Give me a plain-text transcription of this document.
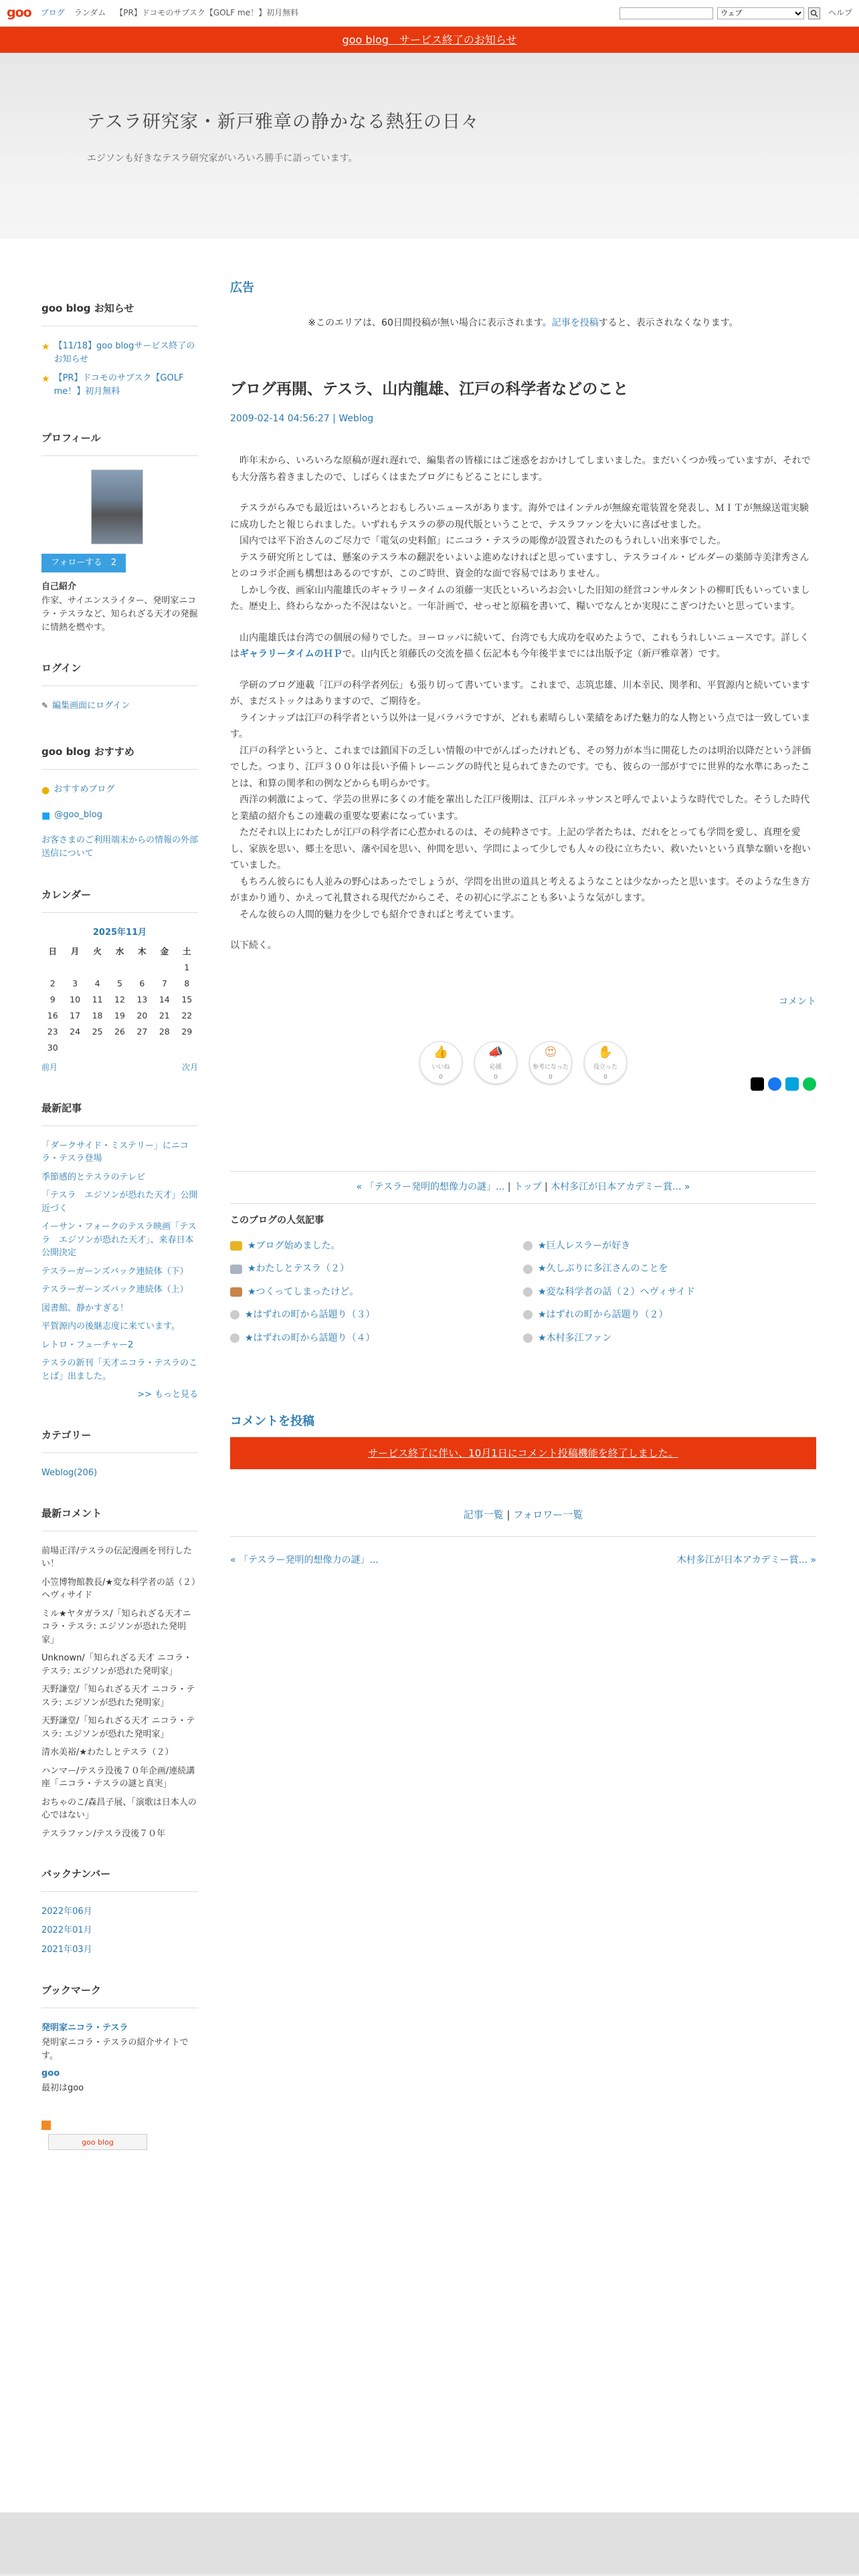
goo ブログ ランダム 【PR】ドコモのサブスク【GOLF me！】初月無料
ウェブ	ヘルプ
goo blog　サービス終了のお知らせ
テスラ研究家・新戸雅章の静かなる熱狂の日々
エジソンも好きなテスラ研究家がいろいろ勝手に語っています。
goo blog お知らせ
★ 【11/18】goo blogサービス終了のお知らせ
★ 【PR】ドコモのサブスク【GOLF me！】初月無料
プロフィール
フォローする　2
自己紹介
作家、サイエンスライター、発明家ニコラ・テスラなど、知られざる天才の発掘に情熱を燃やす。
ログイン
✎ 編集画面にログイン
goo blog おすすめ
● おすすめブログ
■ @goo_blog
お客さまのご利用端末からの情報の外部送信について
カレンダー
2025年11月
日	月	火	水	木	金	土
						1
2	3	4	5	6	7	8
9	10	11	12	13	14	15
16	17	18	19	20	21	22
23	24	25	26	27	28	29
30						
前月	次月
最新記事
「ダークサイド・ミステリー」にニコラ・テスラ登場
季節感的とテスラのテレビ
「テスラ　エジソンが恐れた天才」公開近づく
イーサン・フォークのテスラ映画「テスラ　エジソンが恐れた天才」、来春日本公開決定
テスラーガーンズバック連続体（下）
テスラーガーンズバック連続体（上）
図書館、静かすぎる！
平賀源内の後継志度に来ています。
レトロ・フューチャー2
テスラの新刊「天才ニコラ・テスラのことば」出ました。
>> もっと見る
カテゴリー
Weblog(206)
最新コメント
前場正洋/テスラの伝記漫画を刊行したい！
小笠博物館教長/★変な科学者の話（２）ヘヴィサイド
ミル★ヤタガラス/「知られざる天才ニコラ・テスラ: エジソンが恐れた発明家」
Unknown/「知られざる天才 ニコラ・テスラ: エジソンが恐れた発明家」
天野謙堂/「知られざる天才 ニコラ・テスラ: エジソンが恐れた発明家」
天野謙堂/「知られざる天才 ニコラ・テスラ: エジソンが恐れた発明家」
清水美裕/★わたしとテスラ（２）
ハンマー/テスラ没後７０年企画/連続講座「ニコラ・テスラの謎と真実」
おちゃのこ/森昌子展、「演歌は日本人の心ではない」
テスラファン/テスラ没後７０年
バックナンバー
2022年06月
2022年01月
2021年03月
ブックマーク
発明家ニコラ・テスラ
発明家ニコラ・テスラの紹介サイトです。
goo
最初はgoo
goo blog
広告
※このエリアは、60日間投稿が無い場合に表示されます。記事を投稿すると、表示されなくなります。
ブログ再開、テスラ、山内龍雄、江戸の科学者などのこと
2009-02-14 04:56:27 | Weblog

　昨年末から、いろいろな原稿が遅れ遅れで、編集者の皆様にはご迷惑をおかけしてしまいました。まだいくつか残っていますが、それでも大分落ち着きましたので、しばらくはまたブログにもどることにします。

　テスラがらみでも最近はいろいろとおもしろいニュースがあります。海外ではインテルが無線充電装置を発表し、ＭＩＴが無線送電実験に成功したと報じられました。いずれもテスラの夢の現代版ということで、テスラファンを大いに喜ばせました。

　国内では平下治さんのご尽力で「電気の史料館」にニコラ・テスラの彫像が設置されたのもうれしい出来事でした。

　テスラ研究所としては、懸案のテスラ本の翻訳をいよいよ進めなければと思っていますし、テスラコイル・ビルダーの薬師寺美津秀さんとのコラボ企画も構想はあるのですが、このご時世、資金的な面で容易ではありません。

　しかし今夜、画家山内龍雄氏のギャラリータイムの須藤一実氏といろいろお会いした旧知の経営コンサルタントの柳町氏もいっていました。歴史上、終わらなかった不況はないと。一年計画で、せっせと原稿を書いて、糧いでなんとか実現にこぎつけたいと思っています。

　山内龍雄氏は台湾での個展の帰りでした。ヨーロッパに続いて、台湾でも大成功を収めたようで、これもうれしいニュースです。詳しくはギャラリータイムのＨＰで。山内氏と須藤氏の交流を描く伝記本も今年後半までには出版予定（新戸雅章著）です。

　学研のブログ連載「江戸の科学者列伝」も張り切って書いています。これまで、志筑忠雄、川本幸民、関孝和、平賀源内と続いていますが、まだストックはありますので、ご期待を。

　ラインナップは江戸の科学者という以外は一見バラバラですが、どれも素晴らしい業績をあげた魅力的な人物という点では一致しています。

　江戸の科学というと、これまでは鎖国下の乏しい情報の中でがんばったけれども、その努力が本当に開花したのは明治以降だという評価でした。つまり、江戸３００年は長い予備トレーニングの時代と見られてきたのです。でも、彼らの一部がすでに世界的な水準にあったことは、和算の関孝和の例などからも明らかです。

　西洋の刺激によって、学芸の世界に多くの才能を輩出した江戸後期は、江戸ルネッサンスと呼んでよいような時代でした。そうした時代と業績の紹介もこの連載の重要な要素になっています。

　ただそれ以上にわたしが江戸の科学者に心惹かれるのは、その純粋さです。上記の学者たちは、だれをとっても学問を愛し、真理を愛し、家族を思い、郷土を思い、藩や国を思い、仲間を思い、学問によって少しでも人々の役に立ちたい、救いたいという真摯な願いを抱いていました。

　もちろん彼らにも人並みの野心はあったでしょうが、学問を出世の道具と考えるようなことは少なかったと思います。そのような生き方がまかり通り、かえって礼賛される現代だからこそ、その初心に学ぶことも多いような気がします。

　そんな彼らの人間的魅力を少しでも紹介できればと考えています。

以下続く。

コメント
👍
いいね
0
📣
応援
0
😍
参考になった
0
✋
役立った
0
« 「テスラー発明的想像力の謎」... | トップ | 木村多江が日本アカデミー賞... »
このブログの人気記事
★ブログ始めました。	★巨人レスラーが好き
★わたしとテスラ（２）	★久しぶりに多江さんのことを
★つくってしまったけど。	★変な科学者の話（２）ヘヴィサイド
★はずれの町から話題り（３）	★はずれの町から話題り（２）
★はずれの町から話題り（４）	★木村多江ファン
コメントを投稿
サービス終了に伴い、10月1日にコメント投稿機能を終了しました。
記事一覧 | フォロワー一覧
« 「テスラー発明的想像力の謎」...	木村多江が日本アカデミー賞... »
